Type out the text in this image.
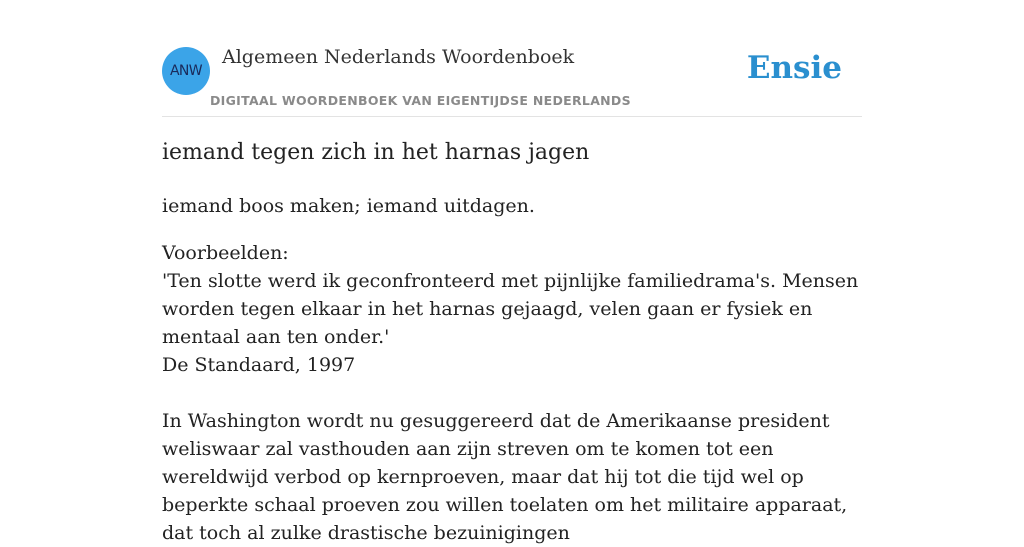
ANW
Algemeen Nederlands Woordenboek
DIGITAAL WOORDENBOEK VAN EIGENTIJDSE NEDERLANDS
Ensie
iemand tegen zich in het harnas jagen

iemand boos maken; iemand uitdagen.

Voorbeelden:

'Ten slotte werd ik geconfronteerd met pijnlijke familiedrama's. Mensen worden tegen elkaar in het harnas gejaagd, velen gaan er fysiek en mentaal aan ten onder.'

De Standaard, 1997

In Washington wordt nu gesuggereerd dat de Amerikaanse president weliswaar zal vasthouden aan zijn streven om te komen tot een wereldwijd verbod op kernproeven, maar dat hij tot die tijd wel op beperkte schaal proeven zou willen toelaten om het militaire apparaat, dat toch al zulke drastische bezuinigingen
